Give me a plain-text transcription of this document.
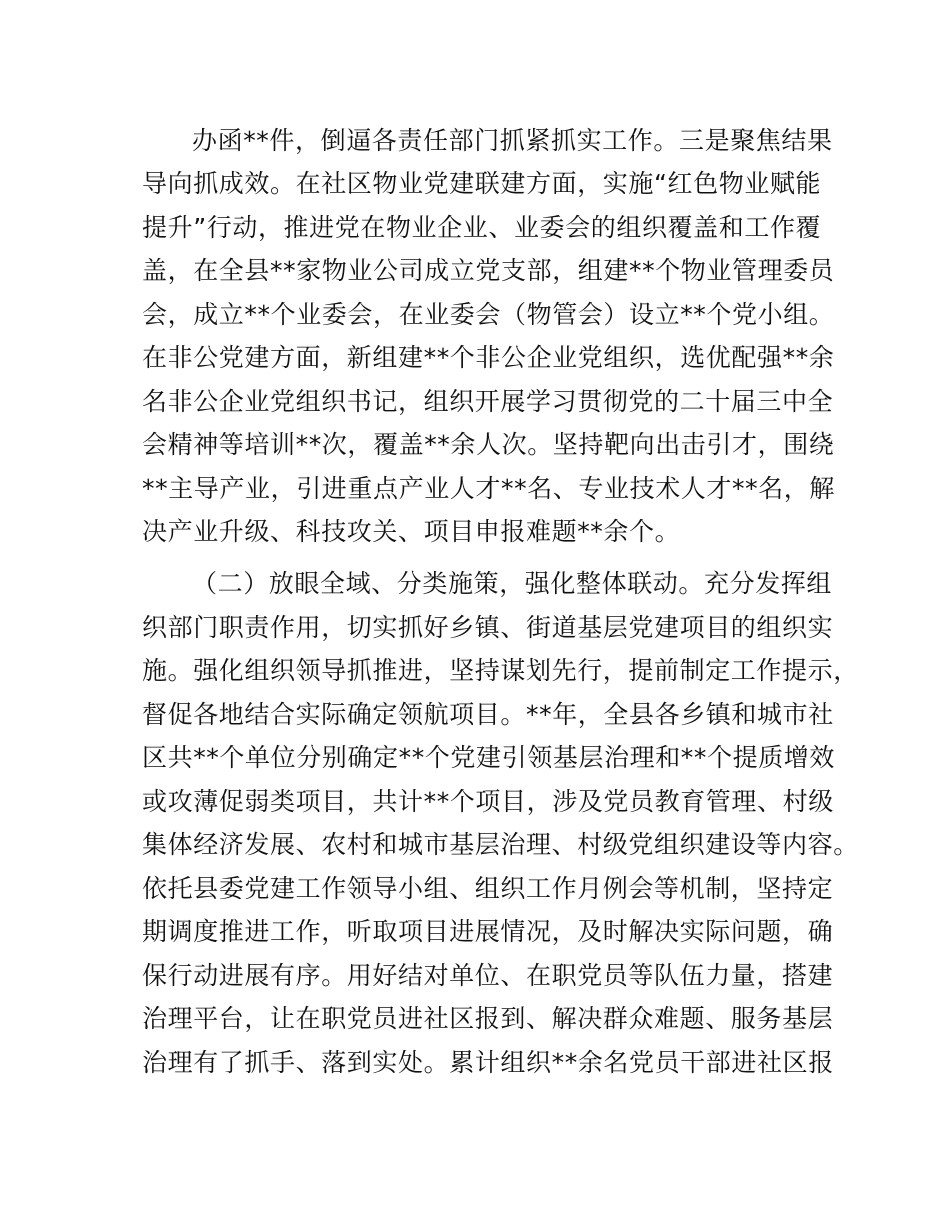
办函**件，倒逼各责任部门抓紧抓实工作。三是聚焦结果
导向抓成效。在社区物业党建联建方面，实施“红色物业赋能
提升”行动，推进党在物业企业、业委会的组织覆盖和工作覆
盖，在全县**家物业公司成立党支部，组建**个物业管理委员
会，成立**个业委会，在业委会（物管会）设立**个党小组。
在非公党建方面，新组建**个非公企业党组织，选优配强**余
名非公企业党组织书记，组织开展学习贯彻党的二十届三中全
会精神等培训**次，覆盖**余人次。坚持靶向出击引才，围绕
**主导产业，引进重点产业人才**名、专业技术人才**名，解
决产业升级、科技攻关、项目申报难题**余个。
（二）放眼全域、分类施策，强化整体联动。充分发挥组
织部门职责作用，切实抓好乡镇、街道基层党建项目的组织实
施。强化组织领导抓推进，坚持谋划先行，提前制定工作提示，
督促各地结合实际确定领航项目。**年，全县各乡镇和城市社
区共**个单位分别确定**个党建引领基层治理和**个提质增效
或攻薄促弱类项目，共计**个项目，涉及党员教育管理、村级
集体经济发展、农村和城市基层治理、村级党组织建设等内容。
依托县委党建工作领导小组、组织工作月例会等机制，坚持定
期调度推进工作，听取项目进展情况，及时解决实际问题，确
保行动进展有序。用好结对单位、在职党员等队伍力量，搭建
治理平台，让在职党员进社区报到、解决群众难题、服务基层
治理有了抓手、落到实处。累计组织**余名党员干部进社区报
